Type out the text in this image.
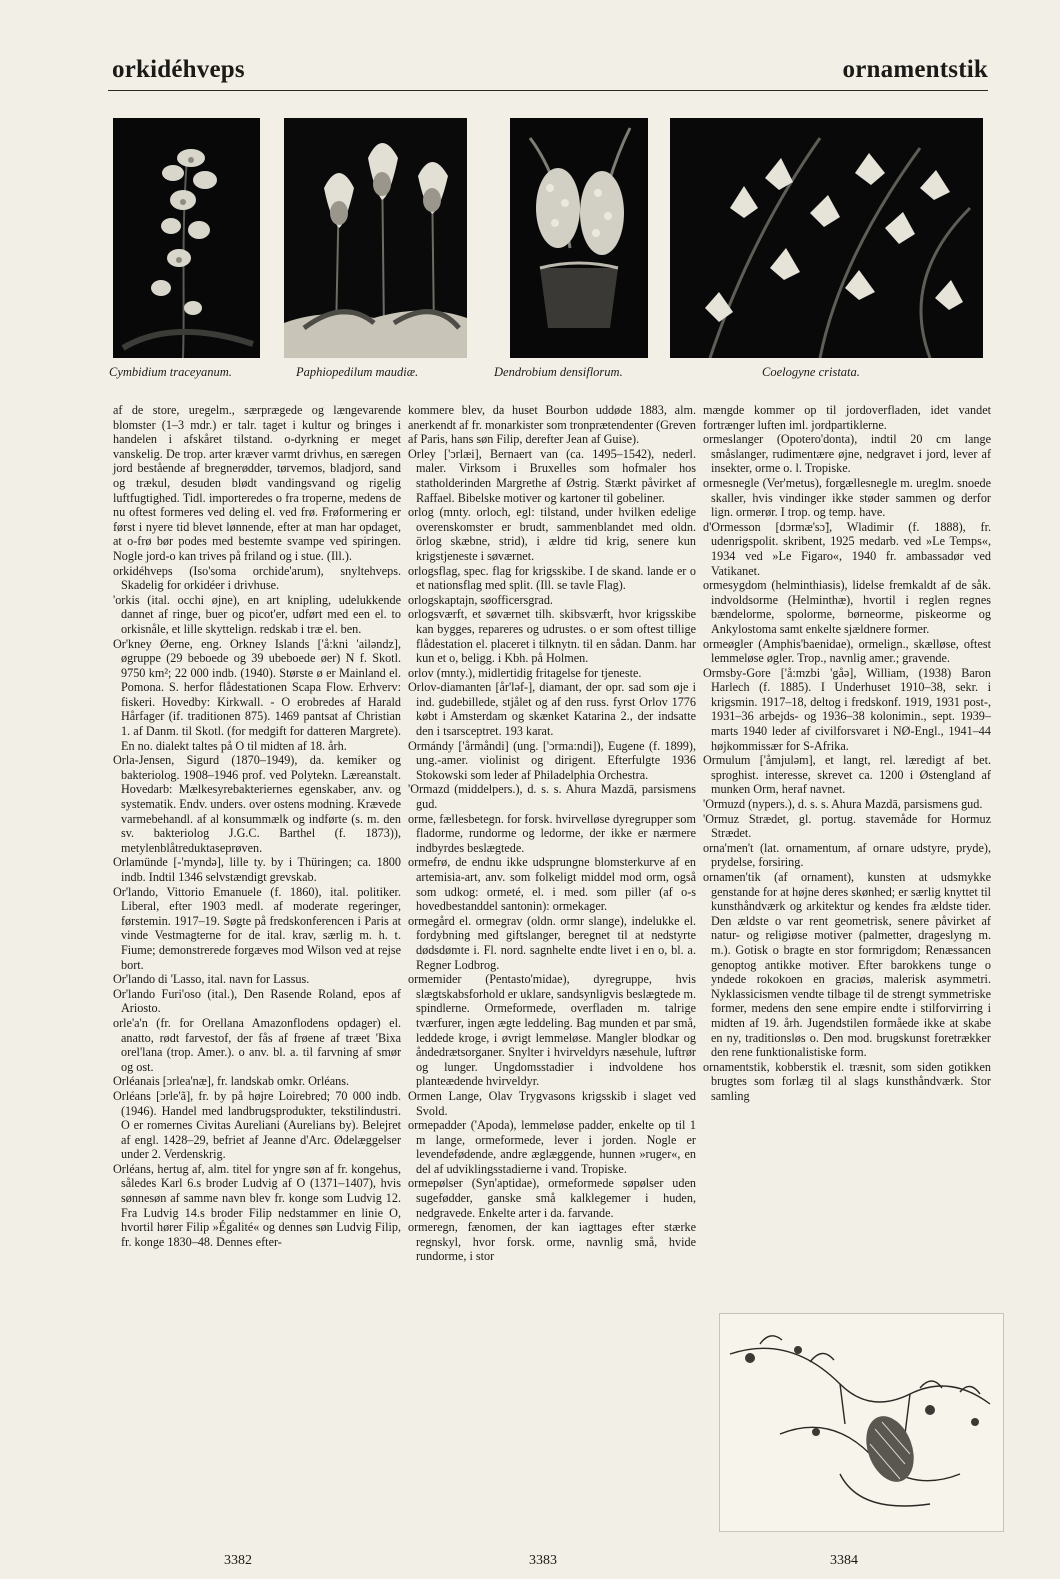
orkidéhveps	ornamentstik
Cymbidium traceyanum.	Paphiopedilum maudiæ.	Dendrobium densiflorum.	Coelogyne cristata.

af de store, uregelm., særprægede og længevarende blomster (1–3 mdr.) er talr. taget i kultur og bringes i handelen i afskåret tilstand. o-dyrkning er meget vanskelig. De trop. arter kræver varmt drivhus, en særegen jord bestående af bregnerødder, tørvemos, bladjord, sand og trækul, desuden blødt vandingsvand og rigelig luftfugtighed. Tidl. importeredes o fra troperne, medens de nu oftest formeres ved deling el. ved frø. Frøformering er først i nyere tid blevet lønnende, efter at man har opdaget, at o-frø bør podes med bestemte svampe ved spiringen. Nogle jord-o kan trives på friland og i stue. (Ill.).

orkidéhveps (Iso'soma orchide'arum), snyltehveps. Skadelig for orkidéer i drivhuse.

'orkis (ital. occhi øjne), en art knipling, udelukkende dannet af ringe, buer og picot'er, udført med een el. to orkisnåle, et lille skyttelign. redskab i træ el. ben.

Or'kney Øerne, eng. Orkney Islands ['å:kni 'ailəndz], øgruppe (29 beboede og 39 ubeboede øer) N f. Skotl. 9750 km²; 22 000 indb. (1940). Største ø er Mainland el. Pomona. S. herfor flådestationen Scapa Flow. Erhverv: fiskeri. Hovedby: Kirkwall. - O erobredes af Harald Hårfager (if. traditionen 875). 1469 pantsat af Christian 1. af Danm. til Skotl. (for medgift for datteren Margrete). En no. dialekt taltes på O til midten af 18. årh.

Orla-Jensen, Sigurd (1870–1949), da. kemiker og bakteriolog. 1908–1946 prof. ved Polytekn. Læreanstalt. Hovedarb: Mælkesyrebakteriernes egenskaber, anv. og systematik. Endv. unders. over ostens modning. Krævede varmebehandl. af al konsummælk og indførte (s. m. den sv. bakteriolog J.G.C. Barthel (f. 1873)), metylenblåtreduktaseprøven.

Orlamünde [-'myndə], lille ty. by i Thüringen; ca. 1800 indb. Indtil 1346 selvstændigt grevskab.

Or'lando, Vittorio Emanuele (f. 1860), ital. politiker. Liberal, efter 1903 medl. af moderate regeringer, førstemin. 1917–19. Søgte på fredskonferencen i Paris at vinde Vestmagterne for de ital. krav, særlig m. h. t. Fiume; demonstrerede forgæves mod Wilson ved at rejse bort.

Or'lando di 'Lasso, ital. navn for Lassus.

Or'lando Furi'oso (ital.), Den Rasende Roland, epos af Ariosto.

orle'a'n (fr. for Orellana Amazonflodens opdager) el. anatto, rødt farvestof, der fås af frøene af træet 'Bixa orel'lana (trop. Amer.). o anv. bl. a. til farvning af smør og ost.

Orléanais [ɔrlea'næ], fr. landskab omkr. Orléans.

Orléans [ɔrle'ã], fr. by på højre Loirebred; 70 000 indb. (1946). Handel med landbrugsprodukter, tekstilindustri. O er romernes Civitas Aureliani (Aurelians by). Belejret af engl. 1428–29, befriet af Jeanne d'Arc. Ødelæggelser under 2. Verdenskrig.

Orléans, hertug af, alm. titel for yngre søn af fr. kongehus, således Karl 6.s broder Ludvig af O (1371–1407), hvis sønnesøn af samme navn blev fr. konge som Ludvig 12. Fra Ludvig 14.s broder Filip nedstammer en linie O, hvortil hører Filip »Égalité« og dennes søn Ludvig Filip, fr. konge 1830–48. Dennes efter-

kommere blev, da huset Bourbon uddøde 1883, alm. anerkendt af fr. monarkister som tronprætendenter (Greven af Paris, hans søn Filip, derefter Jean af Guise).

Orley ['ɔrlæi], Bernaert van (ca. 1495–1542), nederl. maler. Virksom i Bruxelles som hofmaler hos statholderinden Margrethe af Østrig. Stærkt påvirket af Raffael. Bibelske motiver og kartoner til gobeliner.

orlog (mnty. orloch, egl: tilstand, under hvilken edelige overenskomster er brudt, sammenblandet med oldn. örlog skæbne, strid), i ældre tid krig, senere kun krigstjeneste i søværnet.

orlogsflag, spec. flag for krigsskibe. I de skand. lande er o et nationsflag med split. (Ill. se tavle Flag).

orlogskaptajn, søofficersgrad.

orlogsværft, et søværnet tilh. skibsværft, hvor krigsskibe kan bygges, repareres og udrustes. o er som oftest tillige flådestation el. placeret i tilknytn. til en sådan. Danm. har kun et o, beligg. i Kbh. på Holmen.

orlov (mnty.), midlertidig fritagelse for tjeneste.

Orlov-diamanten [år'ləf-], diamant, der opr. sad som øje i ind. gudebillede, stjålet og af den russ. fyrst Orlov 1776 købt i Amsterdam og skænket Katarina 2., der indsatte den i tsarsceptret. 193 karat.

Ormándy ['årmåndi] (ung. ['ɔrma:ndi]), Eugene (f. 1899), ung.-amer. violinist og dirigent. Efterfulgte 1936 Stokowski som leder af Philadelphia Orchestra.

'Ormazd (middelpers.), d. s. s. Ahura Mazdā, parsismens gud.

orme, fællesbetegn. for forsk. hvirvelløse dyregrupper som fladorme, rundorme og ledorme, der ikke er nærmere indbyrdes beslægtede.

ormefrø, de endnu ikke udsprungne blomsterkurve af en artemisia-art, anv. som folkeligt middel mod orm, også som udkog: ormeté, el. i med. som piller (af o-s hovedbestanddel santonin): ormekager.

ormegård el. ormegrav (oldn. ormr slange), indelukke el. fordybning med giftslanger, beregnet til at nedstyrte dødsdømte i. Fl. nord. sagnhelte endte livet i en o, bl. a. Regner Lodbrog.

ormemider (Pentasto'midae), dyregruppe, hvis slægtskabsforhold er uklare, sandsynligvis beslægtede m. spindlerne. Ormeformede, overfladen m. talrige tværfurer, ingen ægte leddeling. Bag munden et par små, leddede kroge, i øvrigt lemmeløse. Mangler blodkar og åndedrætsorganer. Snylter i hvirveldyrs næsehule, luftrør og lunger. Ungdomsstadier i indvoldene hos planteædende hvirveldyr.

Ormen Lange, Olav Trygvasons krigsskib i slaget ved Svold.

ormepadder ('Apoda), lemmeløse padder, enkelte op til 1 m lange, ormeformede, lever i jorden. Nogle er levendefødende, andre æglæggende, hunnen »ruger«, en del af udviklingsstadierne i vand. Tropiske.

ormepølser (Syn'aptidae), ormeformede søpølser uden sugefødder, ganske små kalklegemer i huden, nedgravede. Enkelte arter i da. farvande.

ormeregn, fænomen, der kan iagttages efter stærke regnskyl, hvor forsk. orme, navnlig små, hvide rundorme, i stor

mængde kommer op til jordoverfladen, idet vandet fortrænger luften iml. jordpartiklerne.

ormeslanger (Opotero'donta), indtil 20 cm lange småslanger, rudimentære øjne, nedgravet i jord, lever af insekter, orme o. l. Tropiske.

ormesnegle (Ver'metus), forgællesnegle m. ureglm. snoede skaller, hvis vindinger ikke støder sammen og derfor lign. ormerør. I trop. og temp. have.

d'Ormesson [dɔrmæ'sɔ̃], Wladimir (f. 1888), fr. udenrigspolit. skribent, 1925 medarb. ved »Le Temps«, 1934 ved »Le Figaro«, 1940 fr. ambassadør ved Vatikanet.

ormesygdom (helminthiasis), lidelse fremkaldt af de såk. indvoldsorme (Helminthæ), hvortil i reglen regnes bændelorme, spolorme, børneorme, piskeorme og Ankylostoma samt enkelte sjældnere former.

ormeøgler (Amphis'baenidae), ormelign., skælløse, oftest lemmeløse øgler. Trop., navnlig amer.; gravende.

Ormsby-Gore ['å:mzbi 'gåə], William, (1938) Baron Harlech (f. 1885). I Underhuset 1910–38, sekr. i krigsmin. 1917–18, deltog i fredskonf. 1919, 1931 post-, 1931–36 arbejds- og 1936–38 kolonimin., sept. 1939–marts 1940 leder af civilforsvaret i NØ-Engl., 1941–44 højkommissær for S-Afrika.

Ormulum ['åmjuləm], et langt, rel. læredigt af bet. sproghist. interesse, skrevet ca. 1200 i Østengland af munken Orm, heraf navnet.

'Ormuzd (nypers.), d. s. s. Ahura Mazdā, parsismens gud.

'Ormuz Strædet, gl. portug. stavemåde for Hormuz Strædet.

orna'men't (lat. ornamentum, af ornare udstyre, pryde), prydelse, forsiring.

ornamen'tik (af ornament), kunsten at udsmykke genstande for at højne deres skønhed; er særlig knyttet til kunsthåndværk og arkitektur og kendes fra ældste tider. Den ældste o var rent geometrisk, senere påvirket af natur- og religiøse motiver (palmetter, drageslyng m. m.). Gotisk o bragte en stor formrigdom; Renæssancen genoptog antikke motiver. Efter barokkens tunge o yndede rokokoen en graciøs, malerisk asymmetri. Nyklassicismen vendte tilbage til de strengt symmetriske former, medens den sene empire endte i stilforvirring i midten af 19. årh. Jugendstilen formåede ikke at skabe en ny, traditionsløs o. Den mod. brugskunst foretrækker den rene funktionalistiske form.

ornamentstik, kobberstik el. træsnit, som siden gotikken brugtes som forlæg til al slags kunsthåndværk. Stor samling

3382	3383	3384
